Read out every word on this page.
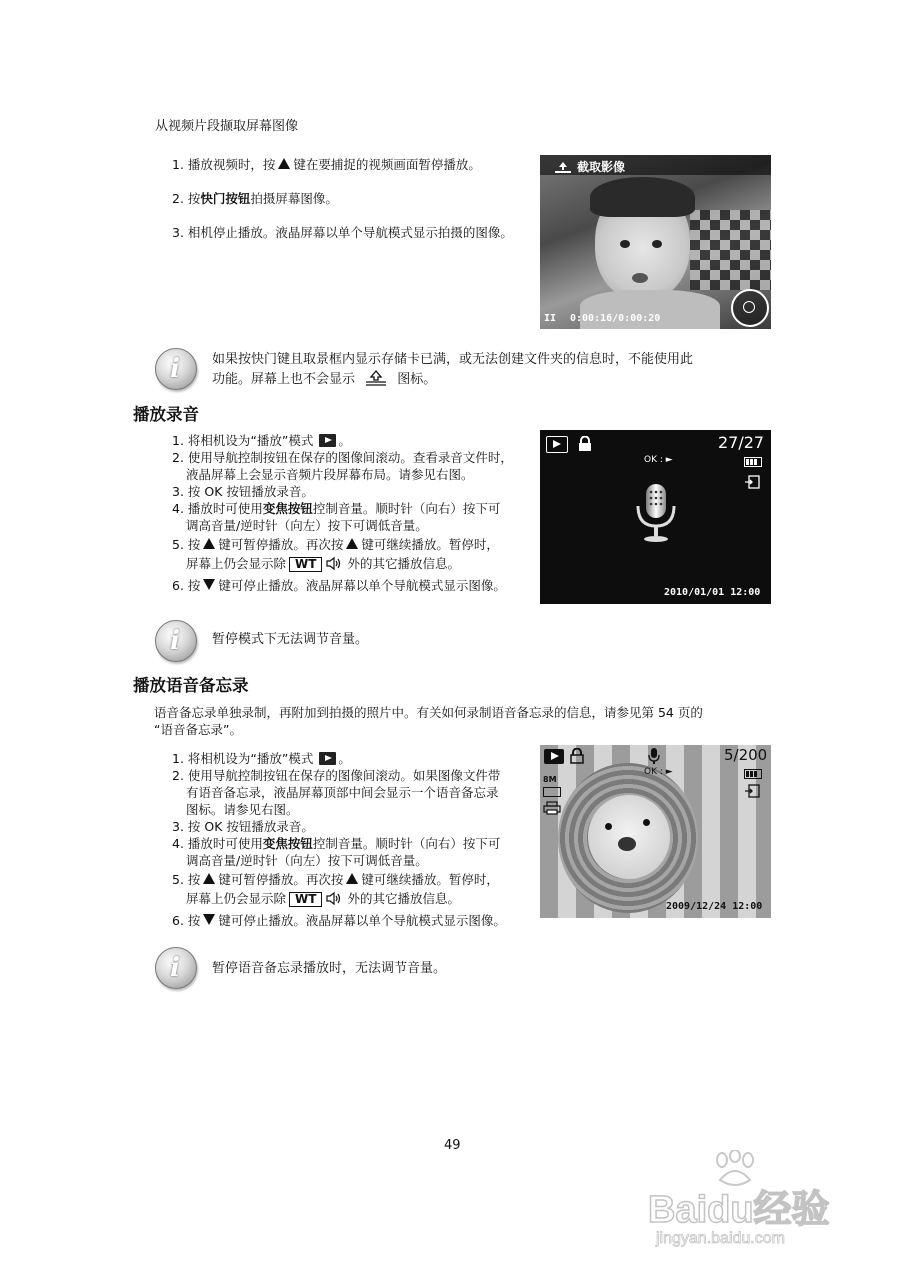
从视频片段撷取屏幕图像
1. 播放视频时，按 键在要捕捉的视频画面暂停播放。
2. 按快门按钮拍摄屏幕图像。
3. 相机停止播放。液晶屏幕以单个导航模式显示拍摄的图像。
截取影像
II 0:00:16/0:00:20
i 如果按快门键且取景框内显示存储卡已满，或无法创建文件夹的信息时，不能使用此
功能。屏幕上也不会显示	图标。
播放录音
1. 将相机设为“播放”模式 。
2. 使用导航控制按钮在保存的图像间滚动。查看录音文件时，
液晶屏幕上会显示音频片段屏幕布局。请参见右图。
3. 按 OK 按钮播放录音。
4. 播放时可使用变焦按钮控制音量。顺时针（向右）按下可
调高音量/逆时针（向左）按下可调低音量。
5. 按 键可暂停播放。再次按 键可继续播放。暂停时，
屏幕上仍会显示除 WT 外的其它播放信息。
6. 按 键可停止播放。液晶屏幕以单个导航模式显示图像。
27/27
OK : ►
2010/01/01 12:00
i 暂停模式下无法调节音量。
播放语音备忘录
语音备忘录单独录制，再附加到拍摄的照片中。有关如何录制语音备忘录的信息，请参见第 54 页的
“语音备忘录”。
1. 将相机设为“播放”模式 。
2. 使用导航控制按钮在保存的图像间滚动。如果图像文件带
有语音备忘录，液晶屏幕顶部中间会显示一个语音备忘录
图标。请参见右图。
3. 按 OK 按钮播放录音。
4. 播放时可使用变焦按钮控制音量。顺时针（向右）按下可
调高音量/逆时针（向左）按下可调低音量。
5. 按 键可暂停播放。再次按 键可继续播放。暂停时，
屏幕上仍会显示除 WT 外的其它播放信息。
6. 按 键可停止播放。液晶屏幕以单个导航模式显示图像。
5/200
OK : ►
8M
2009/12/24 12:00
i 暂停语音备忘录播放时，无法调节音量。
49
Baidu经验
jingyan.baidu.com
